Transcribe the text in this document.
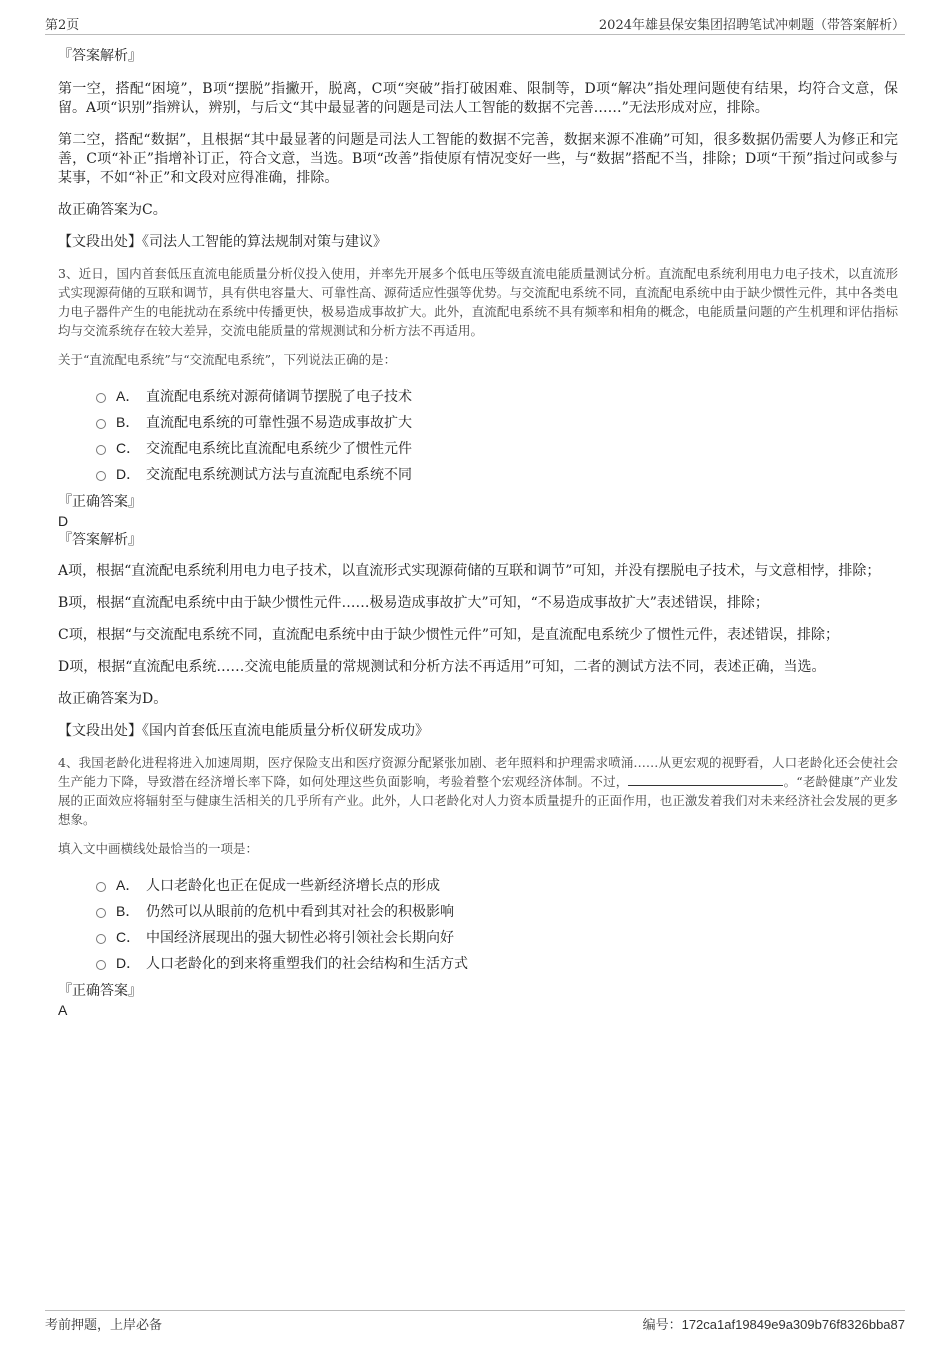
第2页	2024年雄县保安集团招聘笔试冲刺题（带答案解析）

『答案解析』

第一空，搭配“困境”，B项“摆脱”指撇开，脱离，C项“突破”指打破困难、限制等，D项“解决”指处理问题使有结果，均符合文意，保留。A项“识别”指辨认，辨别，与后文“其中最显著的问题是司法人工智能的数据不完善……”无法形成对应，排除。

第二空，搭配“数据”，且根据“其中最显著的问题是司法人工智能的数据不完善，数据来源不准确”可知，很多数据仍需要人为修正和完善，C项“补正”指增补订正，符合文意，当选。B项“改善”指使原有情况变好一些，与“数据”搭配不当，排除；D项“干预”指过问或参与某事，不如“补正”和文段对应得准确，排除。

故正确答案为C。

【文段出处】《司法人工智能的算法规制对策与建议》

3、近日，国内首套低压直流电能质量分析仪投入使用，并率先开展多个低电压等级直流电能质量测试分析。直流配电系统利用电力电子技术，以直流形式实现源荷储的互联和调节，具有供电容量大、可靠性高、源荷适应性强等优势。与交流配电系统不同，直流配电系统中由于缺少惯性元件，其中各类电力电子器件产生的电能扰动在系统中传播更快，极易造成事故扩大。此外，直流配电系统不具有频率和相角的概念，电能质量问题的产生机理和评估指标均与交流系统存在较大差异，交流电能质量的常规测试和分析方法不再适用。

关于“直流配电系统”与“交流配电系统”，下列说法正确的是：

A． 直流配电系统对源荷储调节摆脱了电子技术
B． 直流配电系统的可靠性强不易造成事故扩大
C． 交流配电系统比直流配电系统少了惯性元件
D． 交流配电系统测试方法与直流配电系统不同

『正确答案』

D

『答案解析』

A项，根据“直流配电系统利用电力电子技术，以直流形式实现源荷储的互联和调节”可知，并没有摆脱电子技术，与文意相悖，排除；

B项，根据“直流配电系统中由于缺少惯性元件……极易造成事故扩大”可知，“不易造成事故扩大”表述错误，排除；

C项，根据“与交流配电系统不同，直流配电系统中由于缺少惯性元件”可知，是直流配电系统少了惯性元件，表述错误，排除；

D项，根据“直流配电系统……交流电能质量的常规测试和分析方法不再适用”可知，二者的测试方法不同，表述正确，当选。

故正确答案为D。

【文段出处】《国内首套低压直流电能质量分析仪研发成功》

4、我国老龄化进程将进入加速周期，医疗保险支出和医疗资源分配紧张加剧、老年照料和护理需求喷涌……从更宏观的视野看，人口老龄化还会使社会生产能力下降，导致潜在经济增长率下降，如何处理这些负面影响，考验着整个宏观经济体制。不过，	。“老龄健康”产业发展的正面效应将辐射至与健康生活相关的几乎所有产业。此外，人口老龄化对人力资本质量提升的正面作用，也正激发着我们对未来经济社会发展的更多想象。

填入文中画横线处最恰当的一项是：

A． 人口老龄化也正在促成一些新经济增长点的形成
B． 仍然可以从眼前的危机中看到其对社会的积极影响
C． 中国经济展现出的强大韧性必将引领社会长期向好
D． 人口老龄化的到来将重塑我们的社会结构和生活方式

『正确答案』

A

考前押题，上岸必备	编号：172ca1af19849e9a309b76f8326bba87
